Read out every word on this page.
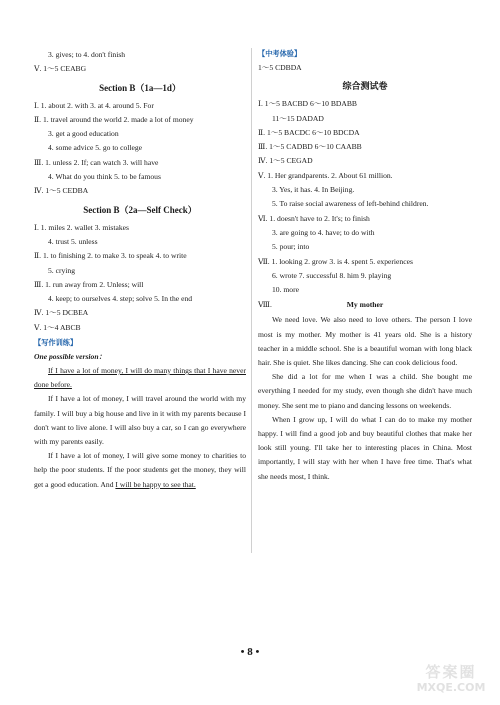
3. gives; to 4. don't finish
Ⅴ. 1～5 CEABG
Section B（1a—1d）
Ⅰ. 1. about 2. with 3. at 4. around 5. For
Ⅱ. 1. travel around the world 2. made a lot of money
3. get a good education
4. some advice 5. go to college
Ⅲ. 1. unless 2. If; can watch 3. will have
4. What do you think 5. to be famous
Ⅳ. 1～5 CEDBA
Section B（2a—Self Check）
Ⅰ. 1. miles 2. wallet 3. mistakes
4. trust 5. unless
Ⅱ. 1. to finishing 2. to make 3. to speak 4. to write
5. crying
Ⅲ. 1. run away from 2. Unless; will
4. keep; to ourselves 4. step; solve 5. In the end
Ⅳ. 1～5 DCBEA
Ⅴ. 1～4 ABCB
【写作训练】
One possible version：

If I have a lot of money, I will do many things that I have never done before.

If I have a lot of money, I will travel around the world with my family. I will buy a big house and live in it with my parents because I don't want to live alone. I will also buy a car, so I can go everywhere with my parents easily.

If I have a lot of money, I will give some money to charities to help the poor students. If the poor students get the money, they will get a good education. And I will be happy to see that.

【中考体验】
1～5 CDBDA
综合测试卷
Ⅰ. 1～5 BACBD 6～10 BDABB
11～15 DADAD
Ⅱ. 1～5 BACDC 6～10 BDCDA
Ⅲ. 1～5 CADBD 6～10 CAABB
Ⅳ. 1～5 CEGAD
Ⅴ. 1. Her grandparents. 2. About 61 million.
3. Yes, it has. 4. In Beijing.
5. To raise social awareness of left-behind children.
Ⅵ. 1. doesn't have to 2. It's; to finish
3. are going to 4. have; to do with
5. pour; into
Ⅶ. 1. looking 2. grow 3. is 4. spent 5. experiences
6. wrote 7. successful 8. him 9. playing
10. more
Ⅷ.	My mother

We need love. We also need to love others. The person I love most is my mother. My mother is 41 years old. She is a history teacher in a middle school. She is a beautiful woman with long black hair. She is quiet. She likes dancing. She can cook delicious food.

She did a lot for me when I was a child. She bought me everything I needed for my study, even though she didn't have much money. She sent me to piano and dancing lessons on weekends.

When I grow up, I will do what I can do to make my mother happy. I will find a good job and buy beautiful clothes that make her look still young. I'll take her to interesting places in China. Most importantly, I will stay with her when I have free time. That's what she needs most, I think.

• 8 •
答案圈
MXQE.COM
